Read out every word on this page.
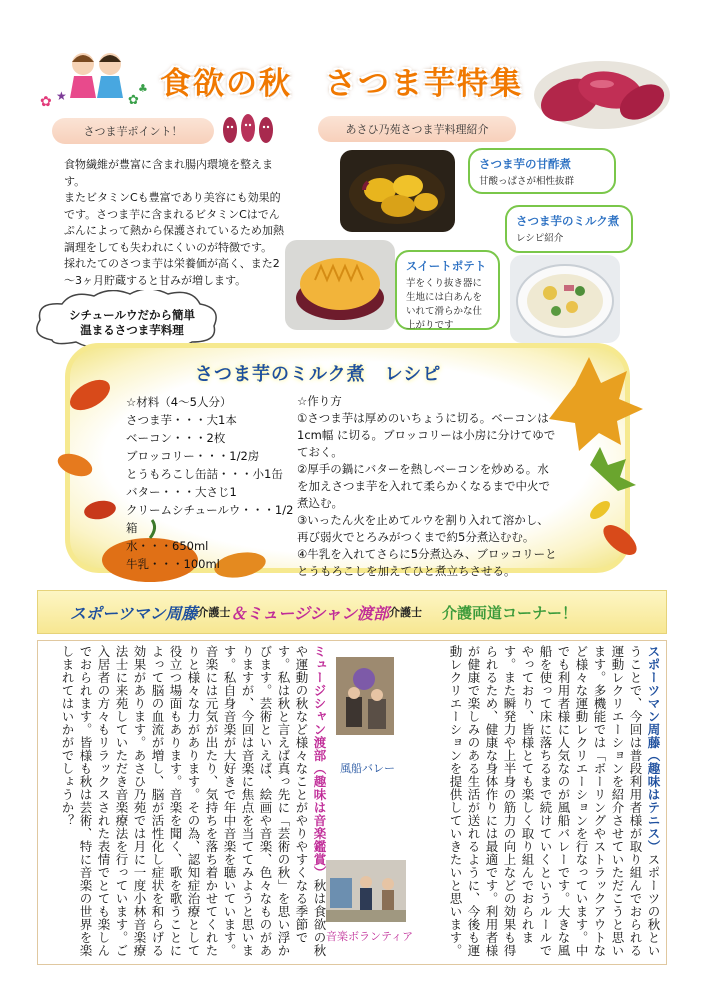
✿ ★	✿
♣ 食欲の秋　さつま芋特集
さつま芋ポイント！	あさひ乃苑さつま芋料理紹介

食物繊維が豊富に含まれ腸内環境を整えます。

またビタミンCも豊富であり美容にも効果的です。さつま芋に含まれるビタミンCはでんぷんによって熱から保護されているため加熱調理をしても失われにくいのが特徴です。

採れたてのさつま芋は栄養価が高く、また2～3ヶ月貯蔵すると甘みが増します。

さつま芋の甘酢煮
甘酸っぱさが相性抜群
さつま芋のミルク煮
レシピ紹介
スイートポテト
芋をくり抜き器に生地には白あんをいれて滑らかな仕上がりです
シチュールウだから簡単
温まるさつま芋料理
さつま芋のミルク煮　レシピ
☆材料（4～5人分）
さつま芋・・・大1本
ベーコン・・・2枚
ブロッコリー・・・1/2房
とうもろこし缶詰・・・小1缶
バター・・・大さじ1
クリームシチュールウ・・・1/2箱
水・・・650ml
牛乳・・・100ml
☆作り方
①さつま芋は厚めのいちょうに切る。ベーコンは1cm幅 に切る。ブロッコリーは小房に分けてゆでておく。
②厚手の鍋にバターを熱しベーコンを炒める。水を加えさつま芋を入れて柔らかくなるまで中火で煮込む。
③いったん火を止めてルウを割り入れて溶かし、再び弱火でとろみがつくまで約5分煮込むむ。
④牛乳を入れてさらに5分煮込み、ブロッコリーととうもろこしを加えてひと煮立ちさせる。
スポーツマン周藤 介護士 ＆ ミュージシャン渡部 介護士 介護両道コーナー！
スポーツマン周藤（趣味はテニス）スポーツの秋ということで、今回は普段利用者様が取り組んでおられる運動レクリエーションを紹介させていただこうと思います。多機能では「ボーリングやストラックアウトなど様々な運動レクリエーションを行なっています。中でも利用者様に人気なのが風船バレーです。大きな風船を使って床に落ちるまで続けていくというルールでやっており、皆様とても楽しく取り組んでおられます。また瞬発力や上半身の筋力の向上などの効果も得られるため、健康な身体作りには最適です。利用者様が健康で楽しみのある生活が送れるように、今後も運動レクリエーションを提供していきたいと思います。
風船バレー
音楽ボランティア
ミュージシャン渡部（趣味は音楽鑑賞）秋は食欲の秋や運動の秋など様々なことがやりやすくなる季節です。私は秋と言えば真っ先に「芸術の秋」を思い浮かびます。芸術といえば、絵画や音楽、色々なものがありますが、今回は音楽に焦点を当ててみようと思います。私自身音楽が大好きで年中音楽を聴いています。音楽には元気が出たり、気持ちを落ち着かせてくれたりと様々な力があります。その為、認知症治療として役立つ場面もあります。音楽を聞く、歌を歌うことによって脳の血流が増し、脳が活性化し症状を和らげる効果があります。あさひ乃苑では月に一度小林音楽療法士に来苑していただき音楽療法を行っています。ご入居者の方々もリラックスされた表情でとても楽しんでおられます。皆様も秋は芸術、特に音楽の世界を楽しまれてはいかがでしょうか？
